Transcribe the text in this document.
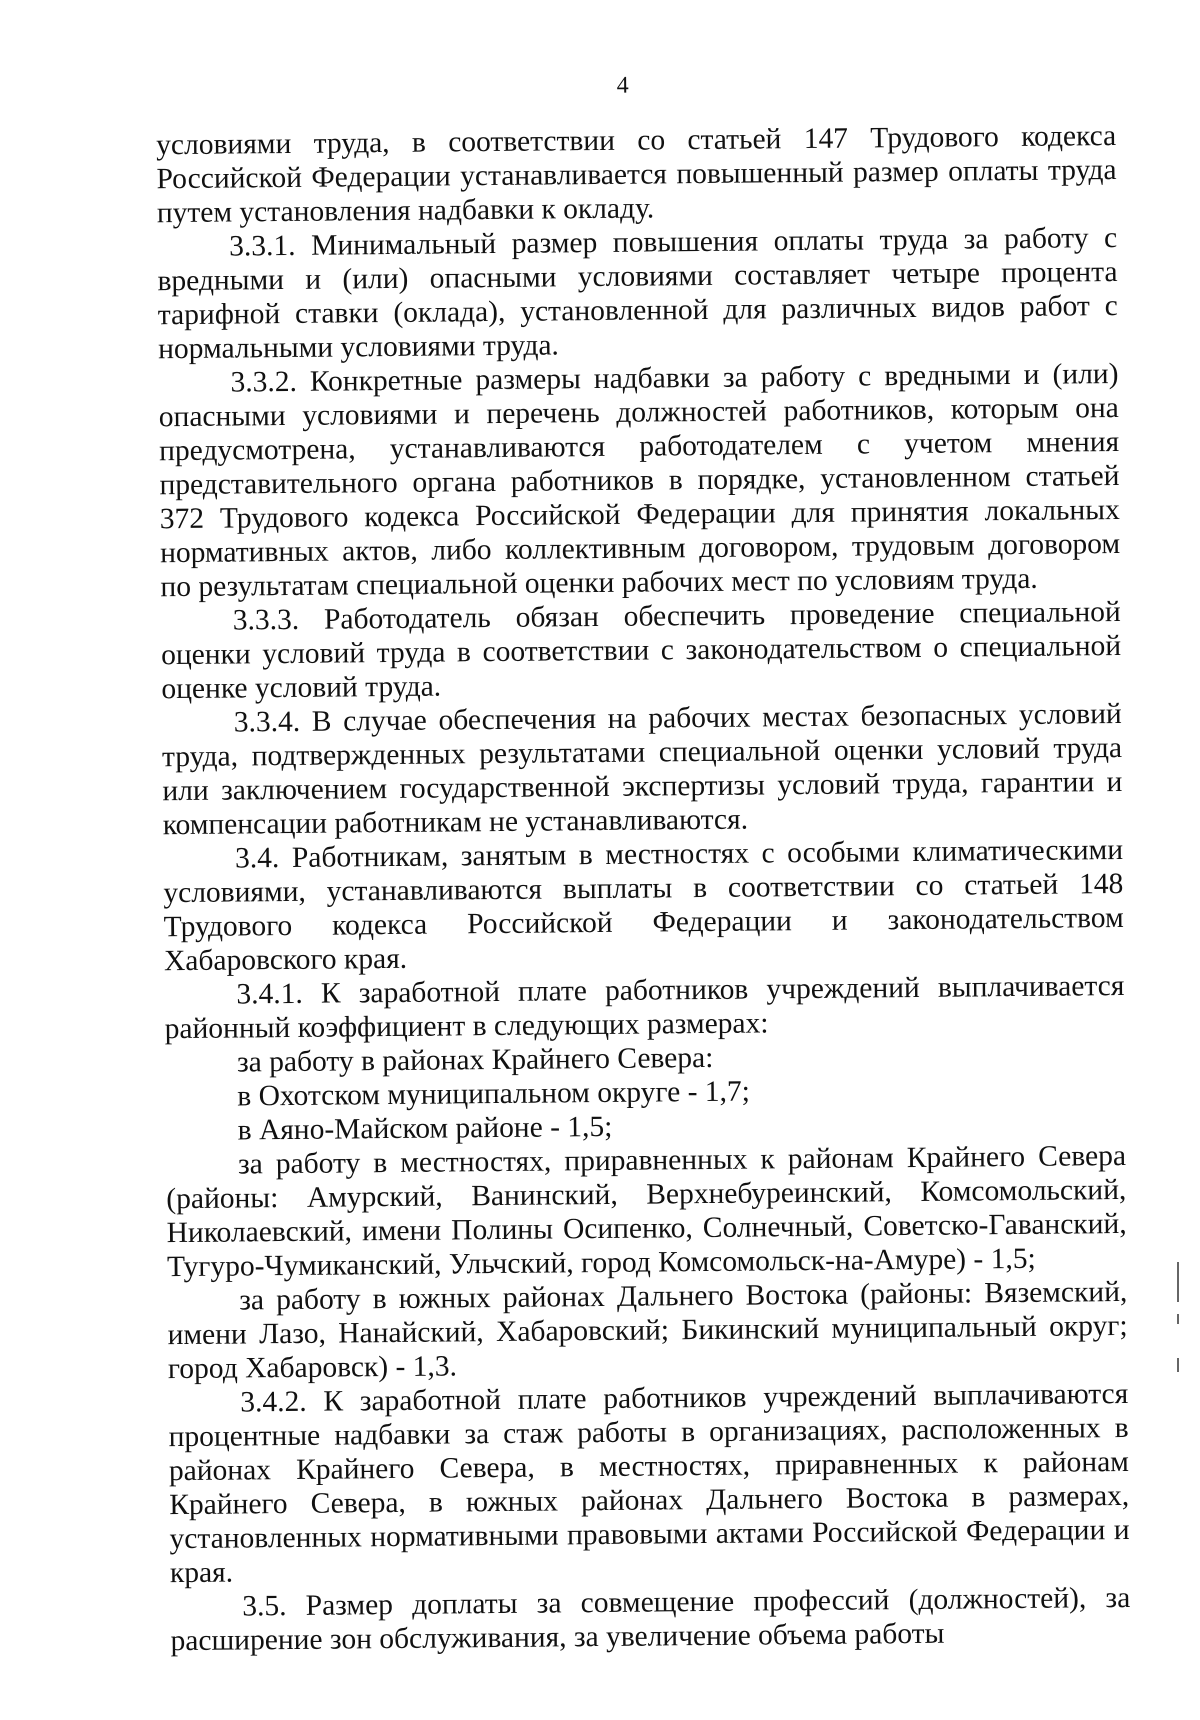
4

условиями труда, в соответствии со статьей 147 Трудового кодекса Российской Федерации устанавливается повышенный размер оплаты труда путем установления надбавки к окладу.

3.3.1. Минимальный размер повышения оплаты труда за работу с вредными и (или) опасными условиями составляет четыре процента тарифной ставки (оклада), установленной для различных видов работ с нормальными условиями труда.

3.3.2. Конкретные размеры надбавки за работу с вредными и (или) опасными условиями и перечень должностей работников, которым она предусмотрена, устанавливаются работодателем с учетом мнения представительного органа работников в порядке, установленном статьей 372 Трудового кодекса Российской Федерации для принятия локальных нормативных актов, либо коллективным договором, трудовым договором по результатам специальной оценки рабочих мест по условиям труда.

3.3.3. Работодатель обязан обеспечить проведение специальной оценки условий труда в соответствии с законодательством о специальной оценке условий труда.

3.3.4. В случае обеспечения на рабочих местах безопасных условий труда, подтвержденных результатами специальной оценки условий труда или заключением государственной экспертизы условий труда, гарантии и компенсации работникам не устанавливаются.

3.4. Работникам, занятым в местностях с особыми климатическими условиями, устанавливаются выплаты в соответствии со статьей 148 Трудового кодекса Российской Федерации и законодательством Хабаровского края.

3.4.1. К заработной плате работников учреждений выплачивается районный коэффициент в следующих размерах:

за работу в районах Крайнего Севера:

в Охотском муниципальном округе - 1,7;

в Аяно-Майском районе - 1,5;

за работу в местностях, приравненных к районам Крайнего Севера (районы: Амурский, Ванинский, Верхнебуреинский, Комсомольский, Николаевский, имени Полины Осипенко, Солнечный, Советско-Гаванский, Тугуро-Чумиканский, Ульчский, город Комсомольск-на-Амуре) - 1,5;

за работу в южных районах Дальнего Востока (районы: Вяземский, имени Лазо, Нанайский, Хабаровский; Бикинский муниципальный округ; город Хабаровск) - 1,3.

3.4.2. К заработной плате работников учреждений выплачиваются процентные надбавки за стаж работы в организациях, расположенных в районах Крайнего Севера, в местностях, приравненных к районам Крайнего Севера, в южных районах Дальнего Востока в размерах, установленных нормативными правовыми актами Российской Федерации и края.

3.5. Размер доплаты за совмещение профессий (должностей), за расширение зон обслуживания, за увеличение объема работы
